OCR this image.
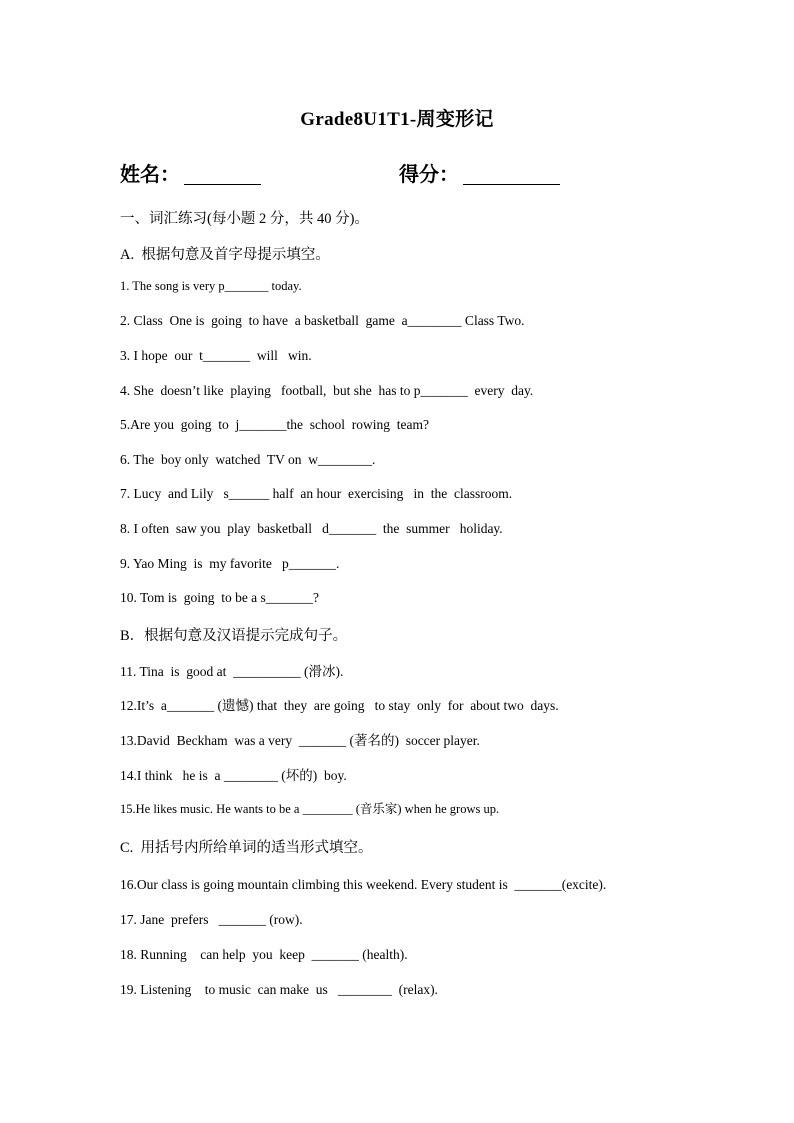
Grade8U1T1-周变形记
姓名：	得分：
一、词汇练习(每小题 2 分，共 40 分)。
A.  根据句意及首字母提示填空。
1. The song is very p_______ today.
2. Class  One is  going  to have  a basketball  game  a________ Class Two.
3. I hope  our  t_______  will   win.
4. She  doesn’t like  playing   football,  but she  has to p_______  every  day.
5.Are you  going  to  j_______the  school  rowing  team?
6. The  boy only  watched  TV on  w________.
7. Lucy  and Lily   s______ half  an hour  exercising   in  the  classroom.
8. I often  saw you  play  basketball   d_______  the  summer   holiday.
9. Yao Ming  is  my favorite   p_______.
10. Tom is  going  to be a s_______?
B．根据句意及汉语提示完成句子。
11. Tina  is  good at  __________ (滑冰).
12.It’s  a_______ (遗憾) that  they  are going   to stay  only  for  about two  days.
13.David  Beckham  was a very  _______ (著名的)  soccer player.
14.I think   he is  a ________ (坏的)  boy.
15.He likes music. He wants to be a ________ (音乐家) when he grows up.
C.  用括号内所给单词的适当形式填空。
16.Our class is going mountain climbing this weekend. Every student is  _______(excite).
17. Jane  prefers   _______ (row).
18. Running    can help  you  keep  _______ (health).
19. Listening    to music  can make  us   ________  (relax).
